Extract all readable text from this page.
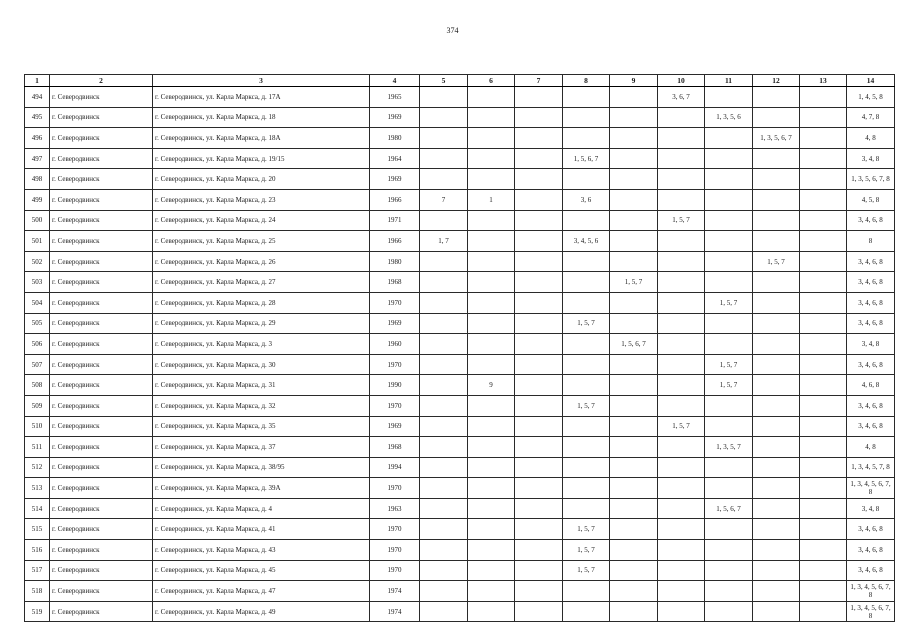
374
1	2	3	4	5	6	7	8	9	10	11	12	13	14
494	г. Северодвинск	г. Северодвинск, ул. Карла Маркса, д. 17А	1965						3, 6, 7				1, 4, 5, 8
495	г. Северодвинск	г. Северодвинск, ул. Карла Маркса, д. 18	1969							1, 3, 5, 6			4, 7, 8
496	г. Северодвинск	г. Северодвинск, ул. Карла Маркса, д. 18А	1980								1, 3, 5, 6, 7		4, 8
497	г. Северодвинск	г. Северодвинск, ул. Карла Маркса, д. 19/15	1964				1, 5, 6, 7						3, 4, 8
498	г. Северодвинск	г. Северодвинск, ул. Карла Маркса, д. 20	1969										1, 3, 5, 6, 7, 8
499	г. Северодвинск	г. Северодвинск, ул. Карла Маркса, д. 23	1966	7	1		3, 6						4, 5, 8
500	г. Северодвинск	г. Северодвинск, ул. Карла Маркса, д. 24	1971						1, 5, 7				3, 4, 6, 8
501	г. Северодвинск	г. Северодвинск, ул. Карла Маркса, д. 25	1966	1, 7			3, 4, 5, 6						8
502	г. Северодвинск	г. Северодвинск, ул. Карла Маркса, д. 26	1980								1, 5, 7		3, 4, 6, 8
503	г. Северодвинск	г. Северодвинск, ул. Карла Маркса, д. 27	1968					1, 5, 7					3, 4, 6, 8
504	г. Северодвинск	г. Северодвинск, ул. Карла Маркса, д. 28	1970							1, 5, 7			3, 4, 6, 8
505	г. Северодвинск	г. Северодвинск, ул. Карла Маркса, д. 29	1969				1, 5, 7						3, 4, 6, 8
506	г. Северодвинск	г. Северодвинск, ул. Карла Маркса, д. 3	1960					1, 5, 6, 7					3, 4, 8
507	г. Северодвинск	г. Северодвинск, ул. Карла Маркса, д. 30	1970							1, 5, 7			3, 4, 6, 8
508	г. Северодвинск	г. Северодвинск, ул. Карла Маркса, д. 31	1990		9					1, 5, 7			4, 6, 8
509	г. Северодвинск	г. Северодвинск, ул. Карла Маркса, д. 32	1970				1, 5, 7						3, 4, 6, 8
510	г. Северодвинск	г. Северодвинск, ул. Карла Маркса, д. 35	1969						1, 5, 7				3, 4, 6, 8
511	г. Северодвинск	г. Северодвинск, ул. Карла Маркса, д. 37	1968							1, 3, 5, 7			4, 8
512	г. Северодвинск	г. Северодвинск, ул. Карла Маркса, д. 38/95	1994										1, 3, 4, 5, 7, 8
513	г. Северодвинск	г. Северодвинск, ул. Карла Маркса, д. 39А	1970										1, 3, 4, 5, 6, 7, 8
514	г. Северодвинск	г. Северодвинск, ул. Карла Маркса, д. 4	1963							1, 5, 6, 7			3, 4, 8
515	г. Северодвинск	г. Северодвинск, ул. Карла Маркса, д. 41	1970				1, 5, 7						3, 4, 6, 8
516	г. Северодвинск	г. Северодвинск, ул. Карла Маркса, д. 43	1970				1, 5, 7						3, 4, 6, 8
517	г. Северодвинск	г. Северодвинск, ул. Карла Маркса, д. 45	1970				1, 5, 7						3, 4, 6, 8
518	г. Северодвинск	г. Северодвинск, ул. Карла Маркса, д. 47	1974										1, 3, 4, 5, 6, 7, 8
519	г. Северодвинск	г. Северодвинск, ул. Карла Маркса, д. 49	1974										1, 3, 4, 5, 6, 7, 8
